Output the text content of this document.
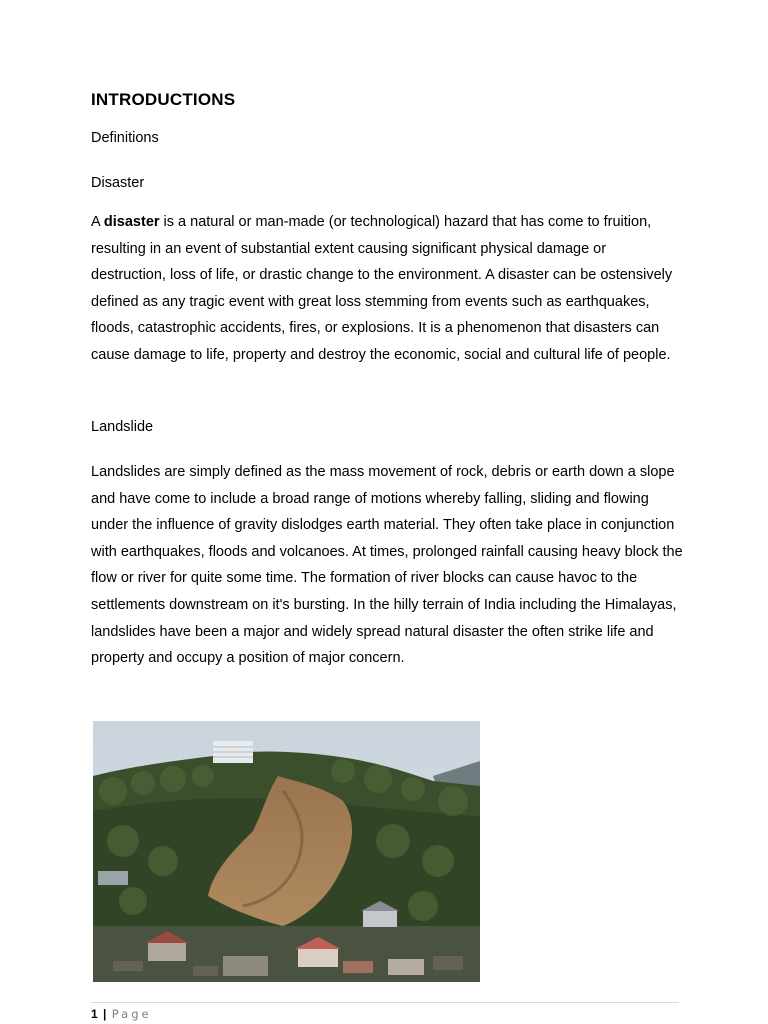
INTRODUCTIONS
Definitions
Disaster

A disaster is a natural or man-made (or technological) hazard that has come to fruition, resulting in an event of substantial extent causing significant physical damage or destruction, loss of life, or drastic change to the environment. A disaster can be ostensively defined as any tragic event with great loss stemming from events such as earthquakes, floods, catastrophic accidents, fires, or explosions. It is a phenomenon that disasters can cause damage to life, property and destroy the economic, social and cultural life of people.

Landslide

Landslides are simply defined as the mass movement of rock, debris or earth down a slope and have come to include a broad range of motions whereby falling, sliding and flowing under the influence of gravity dislodges earth material. They often take place in conjunction with earthquakes, floods and volcanoes. At times, prolonged rainfall causing heavy block the flow or river for quite some time. The formation of river blocks can cause havoc to the settlements downstream on it's bursting. In the hilly terrain of India including the Himalayas, landslides have been a major and widely spread natural disaster the often strike life and property and occupy a position of major concern.

1 | Page
